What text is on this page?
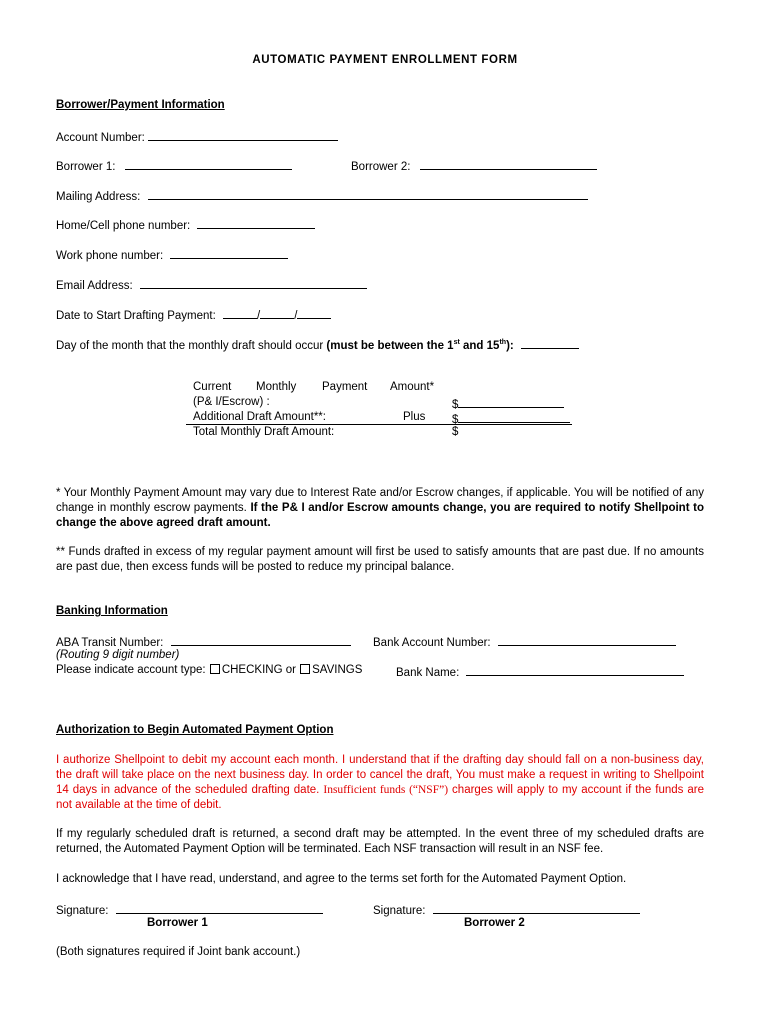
AUTOMATIC PAYMENT ENROLLMENT FORM
Borrower/Payment Information
Account Number:
Borrower 1:	Borrower 2:
Mailing Address:
Home/Cell phone number:
Work phone number:
Email Address:
Date to Start Drafting Payment:	/	/
Day of the month that the monthly draft should occur (must be between the 1st and 15th):
Current Monthly Payment Amount*
(P& I/Escrow) :	$
Additional Draft Amount**:	Plus $
Total Monthly Draft Amount:	$
* Your Monthly Payment Amount may vary due to Interest Rate and/or Escrow changes, if applicable. You will be notified of any change in monthly escrow payments. If the P& I and/or Escrow amounts change, you are required to notify Shellpoint to change the above agreed draft amount.
** Funds drafted in excess of my regular payment amount will first be used to satisfy amounts that are past due. If no amounts are past due, then excess funds will be posted to reduce my principal balance.
Banking Information
ABA Transit Number:	Bank Account Number:
(Routing 9 digit number)
Please indicate account type: CHECKING or SAVINGS	Bank Name:
Authorization to Begin Automated Payment Option
I authorize Shellpoint to debit my account each month. I understand that if the drafting day should fall on a non-business day, the draft will take place on the next business day. In order to cancel the draft, You must make a request in writing to Shellpoint 14 days in advance of the scheduled drafting date. Insufficient funds (“NSF”) charges will apply to my account if the funds are not available at the time of debit.
If my regularly scheduled draft is returned, a second draft may be attempted. In the event three of my scheduled drafts are returned, the Automated Payment Option will be terminated. Each NSF transaction will result in an NSF fee.
I acknowledge that I have read, understand, and agree to the terms set forth for the Automated Payment Option.
Signature:
Borrower 1
Signature:
Borrower 2
(Both signatures required if Joint bank account.)
